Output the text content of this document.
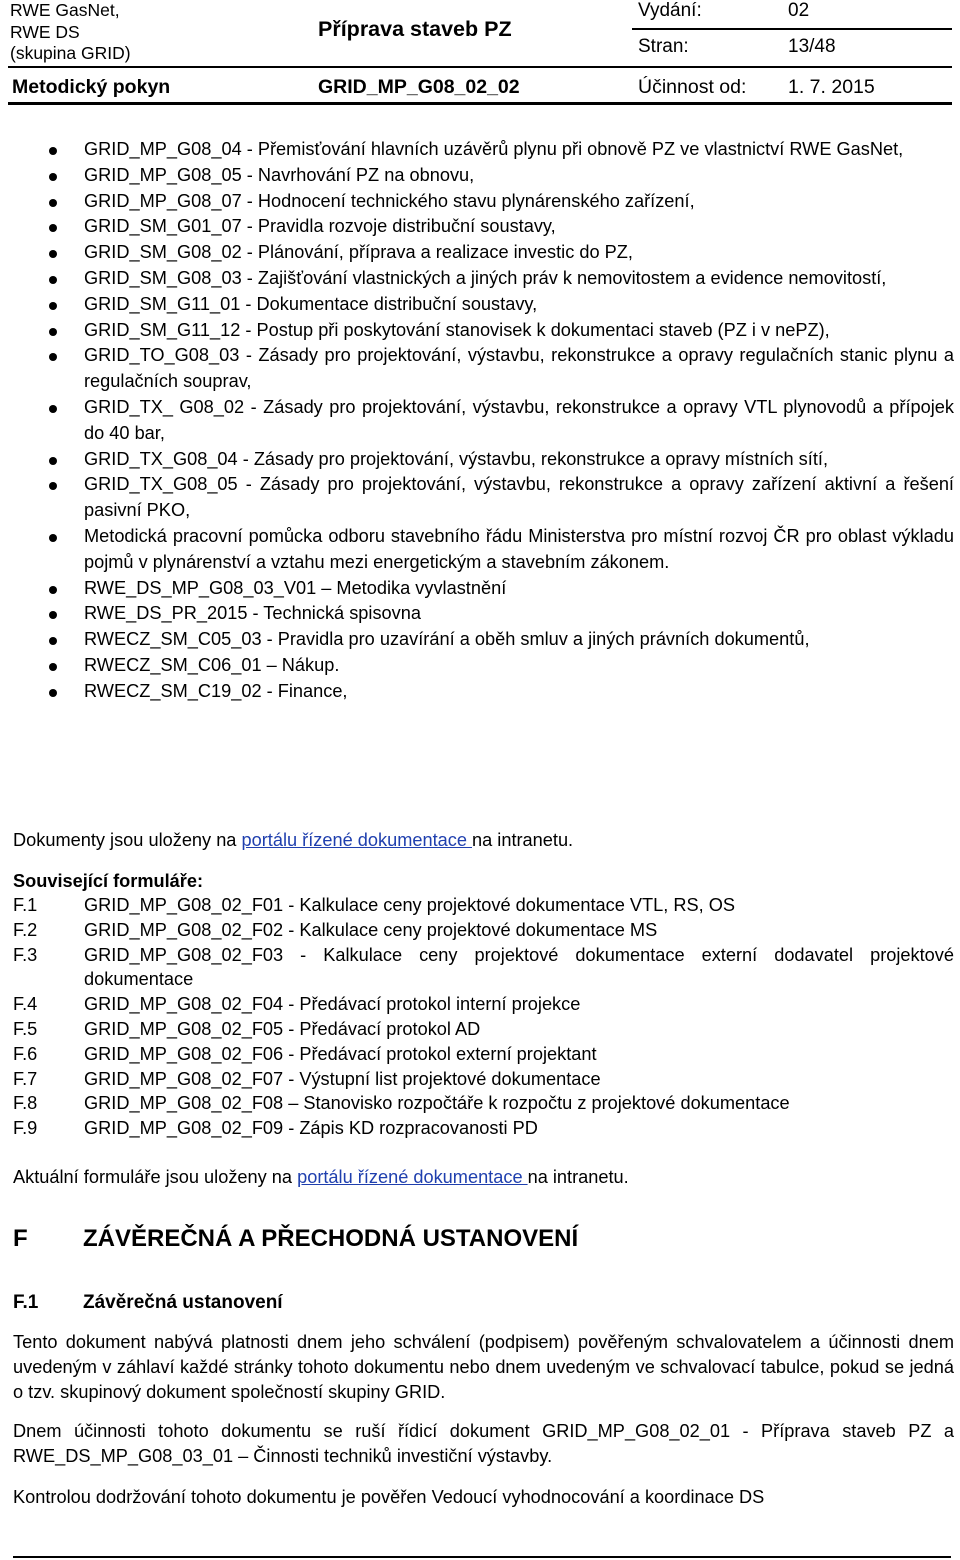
RWE GasNet,
RWE DS
(skupina GRID)
Příprava staveb PZ
Vydání:	02
Stran:	13/48
Metodický pokyn	GRID_MP_G08_02_02	Účinnost od: 1. 7. 2015
GRID_MP_G08_04 - Přemisťování hlavních uzávěrů plynu při obnově PZ ve vlastnictví RWE GasNet,
GRID_MP_G08_05 - Navrhování PZ na obnovu,
GRID_MP_G08_07 - Hodnocení technického stavu plynárenského zařízení,
GRID_SM_G01_07 - Pravidla rozvoje distribuční soustavy,
GRID_SM_G08_02 - Plánování, příprava a realizace investic do PZ,
GRID_SM_G08_03 - Zajišťování vlastnických a jiných práv k nemovitostem a evidence nemovitostí,
GRID_SM_G11_01 - Dokumentace distribuční soustavy,
GRID_SM_G11_12 - Postup při poskytování stanovisek k dokumentaci staveb (PZ i v nePZ),
GRID_TO_G08_03 - Zásady pro projektování, výstavbu, rekonstrukce a opravy regulačních stanic plynu a regulačních souprav,
GRID_TX_ G08_02 - Zásady pro projektování, výstavbu, rekonstrukce a opravy VTL plynovodů a přípojek do 40 bar,
GRID_TX_G08_04 - Zásady pro projektování, výstavbu, rekonstrukce a opravy místních sítí,
GRID_TX_G08_05 - Zásady pro projektování, výstavbu, rekonstrukce a opravy zařízení aktivní a řešení pasivní PKO,
Metodická pracovní pomůcka odboru stavebního řádu Ministerstva pro místní rozvoj ČR pro oblast výkladu pojmů v plynárenství a vztahu mezi energetickým a stavebním zákonem.
RWE_DS_MP_G08_03_V01 – Metodika vyvlastnění
RWE_DS_PR_2015 - Technická spisovna
RWECZ_SM_C05_03 - Pravidla pro uzavírání a oběh smluv a jiných právních dokumentů,
RWECZ_SM_C06_01 – Nákup.
RWECZ_SM_C19_02 - Finance,
Dokumenty jsou uloženy na portálu řízené dokumentace na intranetu.
Související formuláře:
F.1	GRID_MP_G08_02_F01 - Kalkulace ceny projektové dokumentace VTL, RS, OS
F.2	GRID_MP_G08_02_F02 - Kalkulace ceny projektové dokumentace MS
F.3	GRID_MP_G08_02_F03 - Kalkulace ceny projektové dokumentace externí dodavatel projektové dokumentace
F.4	GRID_MP_G08_02_F04 - Předávací protokol interní projekce
F.5	GRID_MP_G08_02_F05 - Předávací protokol AD
F.6	GRID_MP_G08_02_F06 - Předávací protokol externí projektant
F.7	GRID_MP_G08_02_F07 - Výstupní list projektové dokumentace
F.8	GRID_MP_G08_02_F08 – Stanovisko rozpočtáře k rozpočtu z projektové dokumentace
F.9	GRID_MP_G08_02_F09 - Zápis KD rozpracovanosti PD
Aktuální formuláře jsou uloženy na portálu řízené dokumentace na intranetu.
F ZÁVĚREČNÁ A PŘECHODNÁ USTANOVENÍ
F.1 Závěrečná ustanovení
Tento dokument nabývá platnosti dnem jeho schválení (podpisem) pověřeným schvalovatelem a účinnosti dnem uvedeným v záhlaví každé stránky tohoto dokumentu nebo dnem uvedeným ve schvalovací tabulce, pokud se jedná o tzv. skupinový dokument společností skupiny GRID.
Dnem účinnosti tohoto dokumentu se ruší řídicí dokument GRID_MP_G08_02_01 - Příprava staveb PZ a RWE_DS_MP_G08_03_01 – Činnosti techniků investiční výstavby.
Kontrolou dodržování tohoto dokumentu je pověřen Vedoucí vyhodnocování a koordinace DS
